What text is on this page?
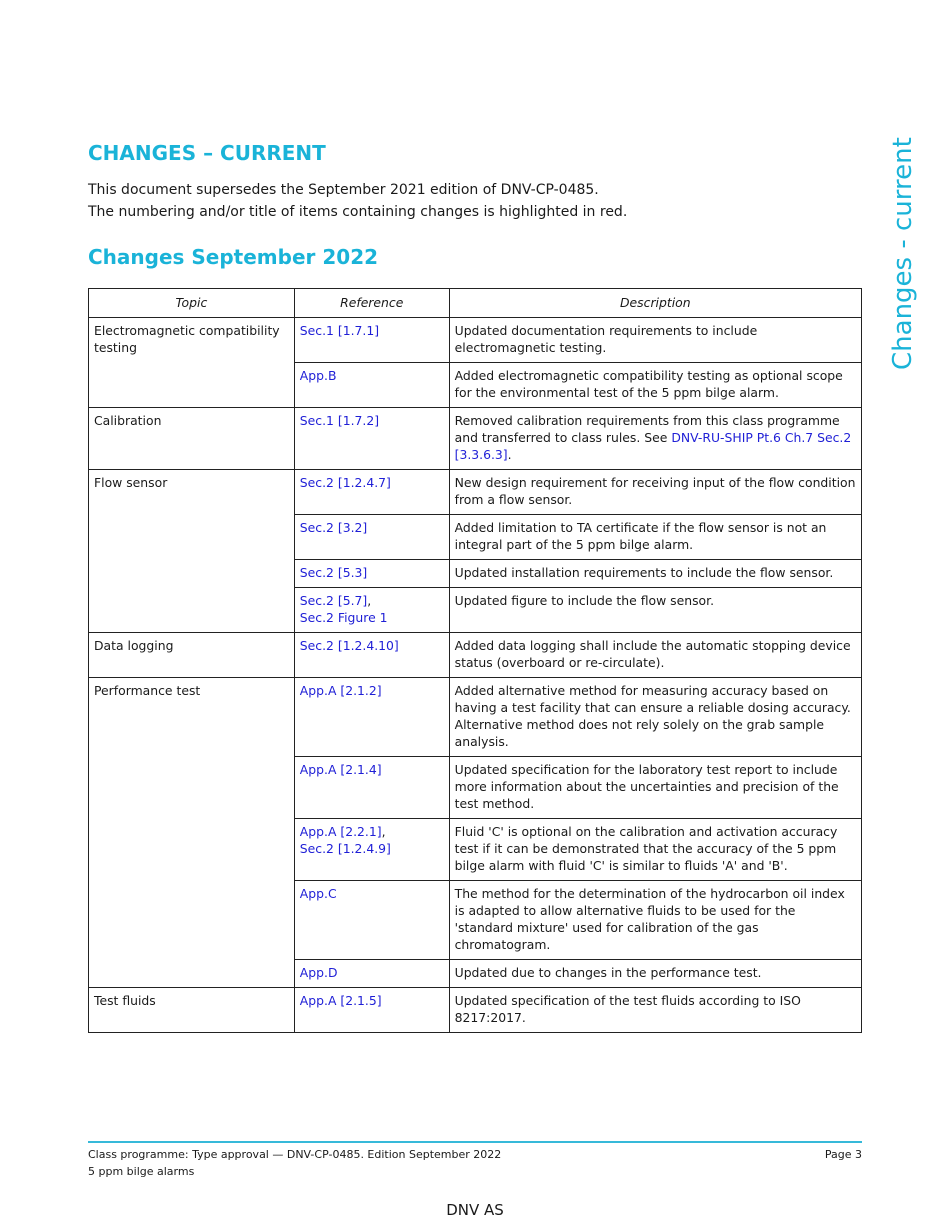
CHANGES – CURRENT
This document supersedes the September 2021 edition of DNV-CP-0485.
The numbering and/or title of items containing changes is highlighted in red.
Changes September 2022	Changes - current
Topic	Reference	Description
Electromagnetic compatibility testing	Sec.1 [1.7.1]	Updated documentation requirements to include electromagnetic testing.

	App.B	Added electromagnetic compatibility testing as optional scope for the environmental test of the 5 ppm bilge alarm.
Calibration	Sec.1 [1.7.2]	Removed calibration requirements from this class programme and transferred to class rules. See DNV-RU-SHIP Pt.6 Ch.7 Sec.2 [3.3.6.3].
Flow sensor	Sec.2 [1.2.4.7]	New design requirement for receiving input of the flow condition from a flow sensor.

	Sec.2 [3.2]	Added limitation to TA certificate if the flow sensor is not an integral part of the 5 ppm bilge alarm.

	Sec.2 [5.3]	Updated installation requirements to include the flow sensor.

	Sec.2 [5.7],
Sec.2 Figure 1	Updated figure to include the flow sensor.
Data logging	Sec.2 [1.2.4.10]	Added data logging shall include the automatic stopping device status (overboard or re-circulate).
Performance test	App.A [2.1.2]	Added alternative method for measuring accuracy based on having a test facility that can ensure a reliable dosing accuracy. Alternative method does not rely solely on the grab sample analysis.

	App.A [2.1.4]	Updated specification for the laboratory test report to include more information about the uncertainties and precision of the test method.

	App.A [2.2.1],
Sec.2 [1.2.4.9]	Fluid 'C' is optional on the calibration and activation accuracy test if it can be demonstrated that the accuracy of the 5 ppm bilge alarm with fluid 'C' is similar to fluids 'A' and 'B'.

	App.C	The method for the determination of the hydrocarbon oil index is adapted to allow alternative fluids to be used for the 'standard mixture' used for calibration of the gas chromatogram.

	App.D	Updated due to changes in the performance test.
Test fluids	App.A [2.1.5]	Updated specification of the test fluids according to ISO 8217:2017.
Class programme: Type approval — DNV-CP-0485. Edition September 2022
5 ppm bilge alarms
Page 3
DNV AS
